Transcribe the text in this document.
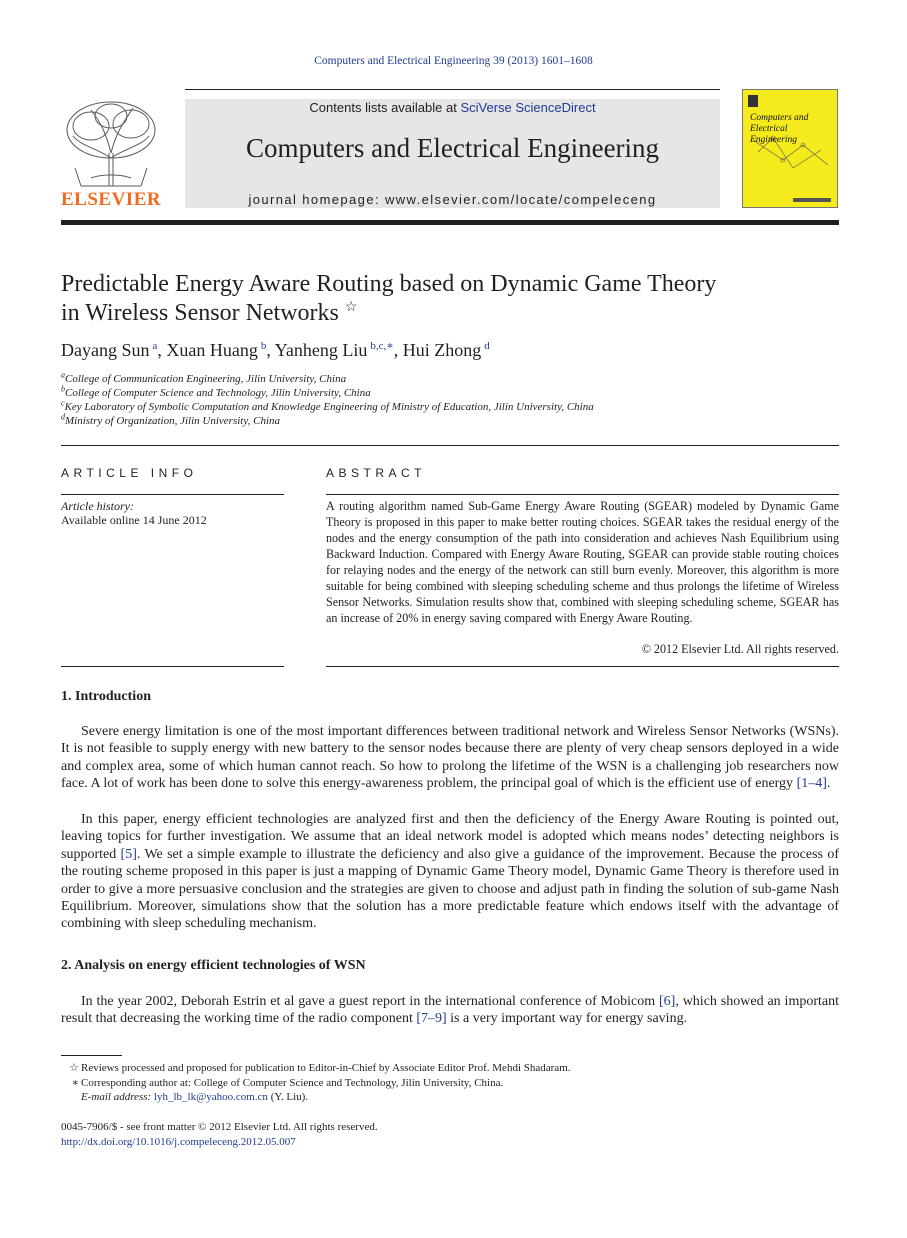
Computers and Electrical Engineering 39 (2013) 1601–1608
ELSEVIER
Contents lists available at SciVerse ScienceDirect
Computers and Electrical Engineering
journal homepage: www.elsevier.com/locate/compeleceng
Computers and Electrical Engineering
Predictable Energy Aware Routing based on Dynamic Game Theory
in Wireless Sensor Networks ☆
Dayang Sun $^a$, Xuan Huang $^b$, Yanheng Liu $^{b,c,∗}$, Hui Zhong $^d$
$^a$College of Communication Engineering, Jilin University, China
$^b$College of Computer Science and Technology, Jilin University, China
$^c$Key Laboratory of Symbolic Computation and Knowledge Engineering of Ministry of Education, Jilin University, China
$^d$Ministry of Organization, Jilin University, China
ARTICLE INFO
Article history:
Available online 14 June 2012
ABSTRACT
A routing algorithm named Sub-Game Energy Aware Routing (SGEAR) modeled by Dynamic Game Theory is proposed in this paper to make better routing choices. SGEAR takes the residual energy of the nodes and the energy consumption of the path into consideration and achieves Nash Equilibrium using Backward Induction. Compared with Energy Aware Routing, SGEAR can provide stable routing choices for relaying nodes and the energy of the network can still burn evenly. Moreover, this algorithm is more suitable for being combined with sleeping scheduling scheme and thus prolongs the lifetime of Wireless Sensor Networks. Simulation results show that, combined with sleeping scheduling scheme, SGEAR has an increase of 20% in energy saving compared with Energy Aware Routing.
© 2012 Elsevier Ltd. All rights reserved.
1. Introduction
Severe energy limitation is one of the most important differences between traditional network and Wireless Sensor Networks (WSNs). It is not feasible to supply energy with new battery to the sensor nodes because there are plenty of very cheap sensors deployed in a wide and complex area, some of which human cannot reach. So how to prolong the lifetime of the WSN is a challenging job researchers now face. A lot of work has been done to solve this energy-awareness problem, the principal goal of which is the efficient use of energy [1–4].
In this paper, energy efficient technologies are analyzed first and then the deficiency of the Energy Aware Routing is pointed out, leaving topics for further investigation. We assume that an ideal network model is adopted which means nodes’ detecting neighbors is supported [5]. We set a simple example to illustrate the deficiency and also give a guidance of the improvement. Because the process of the routing scheme proposed in this paper is just a mapping of Dynamic Game Theory model, Dynamic Game Theory is therefore used in order to give a more persuasive conclusion and the strategies are given to choose and adjust path in finding the solution of sub-game Nash Equilibrium. Moreover, simulations show that the solution has a more predictable feature which endows itself with the advantage of combining with sleep scheduling mechanism.
2. Analysis on energy efficient technologies of WSN
In the year 2002, Deborah Estrin et al gave a guest report in the international conference of Mobicom [6], which showed an important result that decreasing the working time of the radio component [7–9] is a very important way for energy saving.
☆ Reviews processed and proposed for publication to Editor-in-Chief by Associate Editor Prof. Mehdi Shadaram.
∗ Corresponding author at: College of Computer Science and Technology, Jilin University, China.
E-mail address: lyh_lb_lk@yahoo.com.cn (Y. Liu).
0045-7906/$ - see front matter © 2012 Elsevier Ltd. All rights reserved.
http://dx.doi.org/10.1016/j.compeleceng.2012.05.007
